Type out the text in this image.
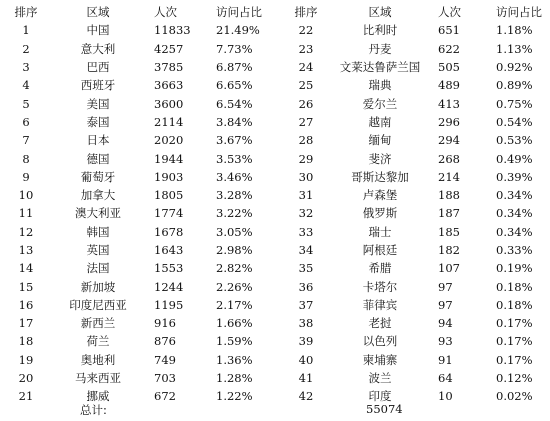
排序	区域	人次	访问占比
1	中国	11833	21.49%
2	意大利	4257	7.73%
3	巴西	3785	6.87%
4	西班牙	3663	6.65%
5	美国	3600	6.54%
6	泰国	2114	3.84%
7	日本	2020	3.67%
8	德国	1944	3.53%
9	葡萄牙	1903	3.46%
10	加拿大	1805	3.28%
11	澳大利亚	1774	3.22%
12	韩国	1678	3.05%
13	英国	1643	2.98%
14	法国	1553	2.82%
15	新加坡	1244	2.26%
16	印度尼西亚	1195	2.17%
17	新西兰	916	1.66%
18	荷兰	876	1.59%
19	奥地利	749	1.36%
20	马来西亚	703	1.28%
21	挪威	672	1.22%
排序	区域	人次	访问占比
22	比利时	651	1.18%
23	丹麦	622	1.13%
24	文莱达鲁萨兰国	505	0.92%
25	瑞典	489	0.89%
26	爱尔兰	413	0.75%
27	越南	296	0.54%
28	缅甸	294	0.53%
29	斐济	268	0.49%
30	哥斯达黎加	214	0.39%
31	卢森堡	188	0.34%
32	俄罗斯	187	0.34%
33	瑞士	185	0.34%
34	阿根廷	182	0.33%
35	希腊	107	0.19%
36	卡塔尔	97	0.18%
37	菲律宾	97	0.18%
38	老挝	94	0.17%
39	以色列	93	0.17%
40	柬埔寨	91	0.17%
41	波兰	64	0.12%
42	印度	10	0.02%
总计:	55074
